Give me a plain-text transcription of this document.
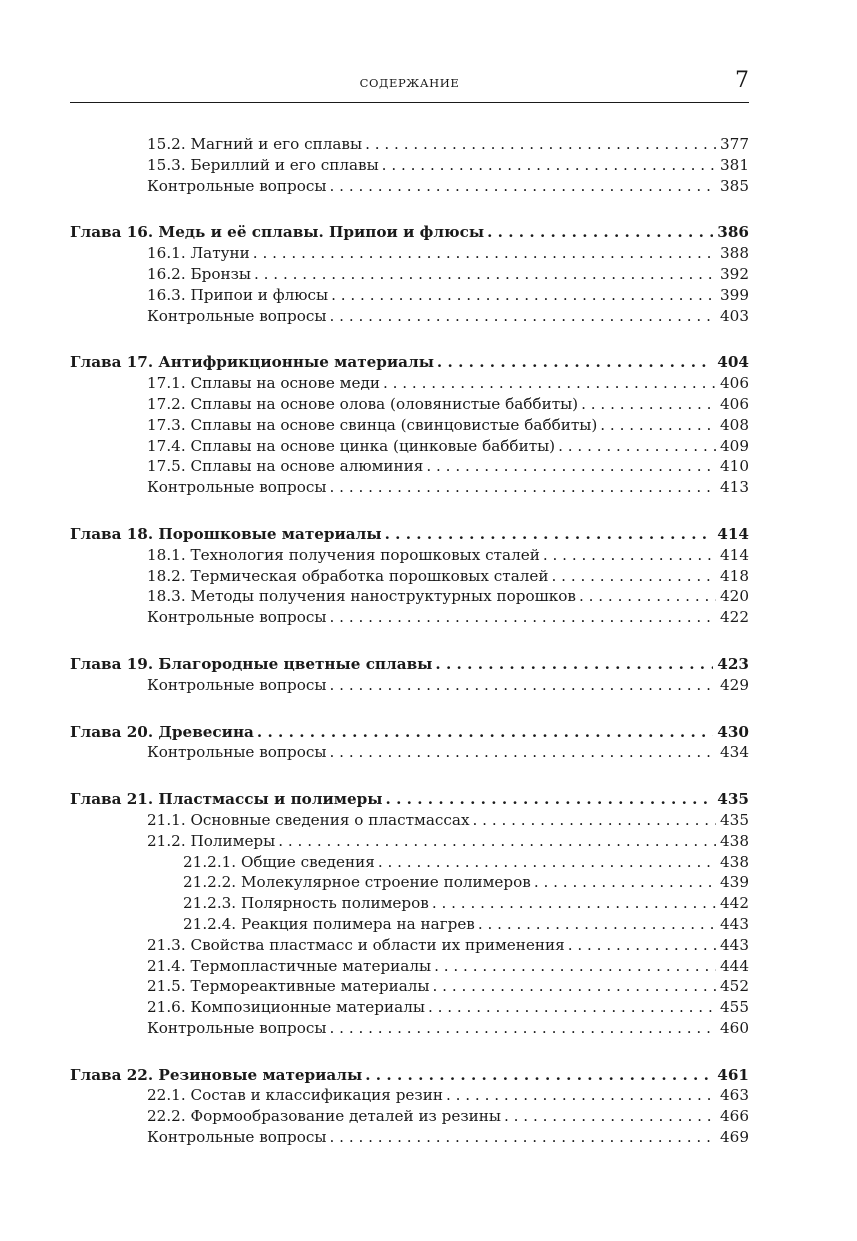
СОДЕРЖАНИЕ	7
15.2. Магний и его сплавы . . .	377
15.3. Бериллий и его сплавы . . .	381
Контрольные вопросы . . .	385
Глава 16. Медь и её сплавы. Припои и флюсы . . .	386
16.1. Латуни . . .	388
16.2. Бронзы . . .	392
16.3. Припои и флюсы . . .	399
Контрольные вопросы . . .	403
Глава 17. Антифрикционные материалы . . .	404
17.1. Сплавы на основе меди . . .	406
17.2. Сплавы на основе олова (оловянистые баббиты) . . .	406
17.3. Сплавы на основе свинца (свинцовистые баббиты) . . .	408
17.4. Сплавы на основе цинка (цинковые баббиты) . . .	409
17.5. Сплавы на основе алюминия . . .	410
Контрольные вопросы . . .	413
Глава 18. Порошковые материалы . . .	414
18.1. Технология получения порошковых сталей . . .	414
18.2. Термическая обработка порошковых сталей . . .	418
18.3. Методы получения наноструктурных порошков . . .	420
Контрольные вопросы . . .	422
Глава 19. Благородные цветные сплавы . . .	423
Контрольные вопросы . . .	429
Глава 20. Древесина . . .	430
Контрольные вопросы . . .	434
Глава 21. Пластмассы и полимеры . . .	435
21.1. Основные сведения о пластмассах . . .	435
21.2. Полимеры . . .	438
21.2.1. Общие сведения . . .	438
21.2.2. Молекулярное строение полимеров . . .	439
21.2.3. Полярность полимеров . . .	442
21.2.4. Реакция полимера на нагрев . . .	443
21.3. Свойства пластмасс и области их применения . . .	443
21.4. Термопластичные материалы . . .	444
21.5. Термореактивные материалы . . .	452
21.6. Композиционные материалы . . .	455
Контрольные вопросы . . .	460
Глава 22. Резиновые материалы . . .	461
22.1. Состав и классификация резин . . .	463
22.2. Формообразование деталей из резины . . .	466
Контрольные вопросы . . .	469
